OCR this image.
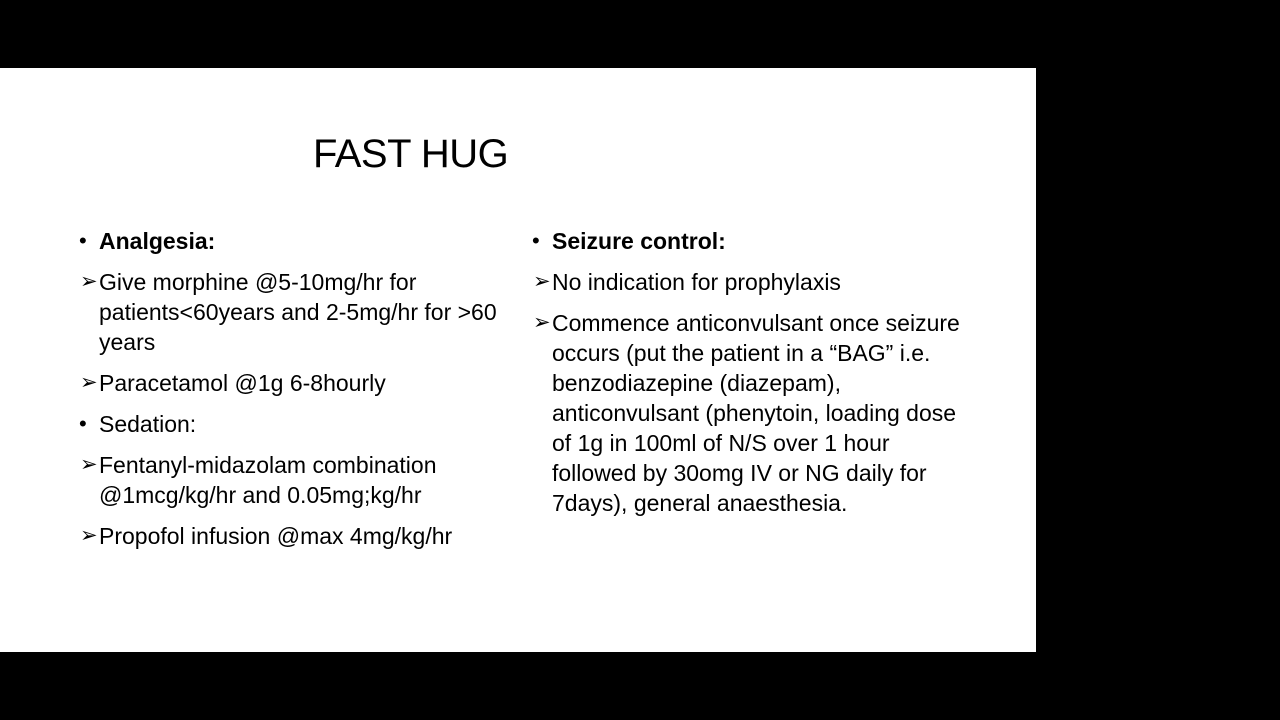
FAST HUG
• Analgesia:
➢ Give morphine @5-10mg/hr for patients<60years and 2-5mg/hr for >60 years
➢ Paracetamol @1g 6-8hourly
• Sedation:
➢ Fentanyl-midazolam combination @1mcg/kg/hr and 0.05mg;kg/hr
➢ Propofol infusion @max 4mg/kg/hr
• Seizure control:
➢ No indication for prophylaxis
➢ Commence anticonvulsant once seizure occurs (put the patient in a “BAG” i.e. benzodiazepine (diazepam), anticonvulsant (phenytoin, loading dose of 1g in 100ml of N/S over 1 hour followed by 30omg IV or NG daily for 7days), general anaesthesia.
